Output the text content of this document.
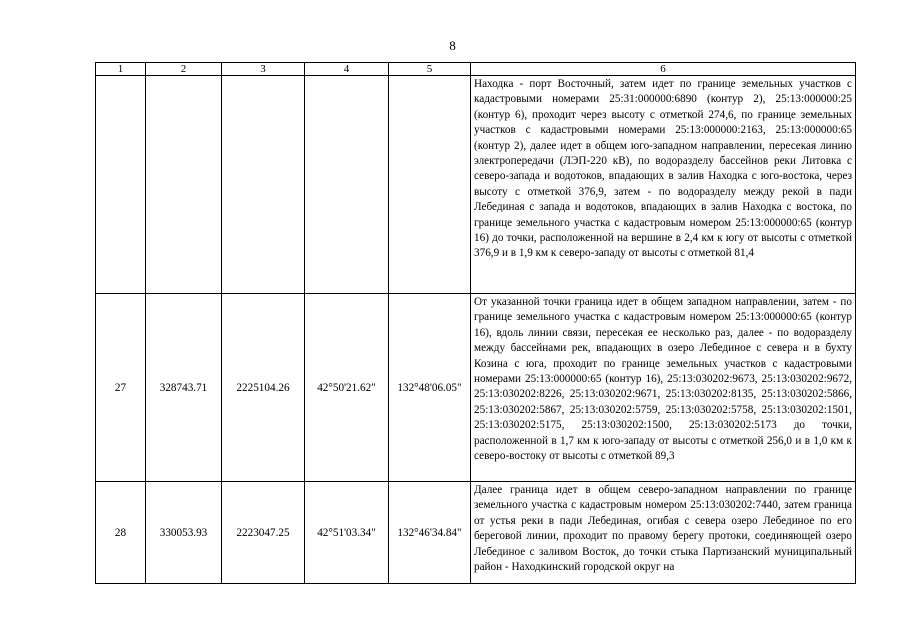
8
1	2	3	4	5	6

					Находка - порт Восточный, затем идет по границе земельных участков с кадастровыми номерами 25:31:000000:6890 (контур 2), 25:13:000000:25 (контур 6), проходит через высоту с отметкой 274,6, по границе земельных участков с кадастровыми номерами 25:13:000000:2163, 25:13:000000:65 (контур 2), далее идет в общем юго-западном направлении, пересекая линию электропередачи (ЛЭП-220 кВ), по водоразделу бассейнов реки Литовка с северо-запада и водотоков, впадающих в залив Находка с юго-востока, через высоту с отметкой 376,9, затем - по водоразделу между рекой в пади Лебединая с запада и водотоков, впадающих в залив Находка с востока, по границе земельного участка с кадастровым номером 25:13:000000:65 (контур 16) до точки, расположенной на вершине в 2,4 км к югу от высоты с отметкой 376,9 и в 1,9 км к северо-западу от высоты с отметкой 81,4

27	328743.71	2225104.26	42°50'21.62"	132°48'06.05"	От указанной точки граница идет в общем западном направлении, затем - по границе земельного участка с кадастровым номером 25:13:000000:65 (контур 16), вдоль линии связи, пересекая ее несколько раз, далее - по водоразделу между бассейнами рек, впадающих в озеро Лебединое с севера и в бухту Козина с юга, проходит по границе земельных участков с кадастровыми номерами 25:13:000000:65 (контур 16), 25:13:030202:9673, 25:13:030202:9672, 25:13:030202:8226, 25:13:030202:9671, 25:13:030202:8135, 25:13:030202:5866, 25:13:030202:5867, 25:13:030202:5759, 25:13:030202:5758, 25:13:030202:1501, 25:13:030202:5175, 25:13:030202:1500, 25:13:030202:5173 до точки, расположенной в 1,7 км к юго-западу от высоты с отметкой 256,0 и в 1,0 км к северо-востоку от высоты с отметкой 89,3

28	330053.93	2223047.25	42°51'03.34"	132°46'34.84"	Далее граница идет в общем северо-западном направлении по границе земельного участка с кадастровым номером 25:13:030202:7440, затем граница от устья реки в пади Лебединая, огибая с севера озеро Лебединое по его береговой линии, проходит по правому берегу протоки, соединяющей озеро Лебединое с заливом Восток, до точки стыка Партизанский муниципальный район - Находкинский городской округ на
